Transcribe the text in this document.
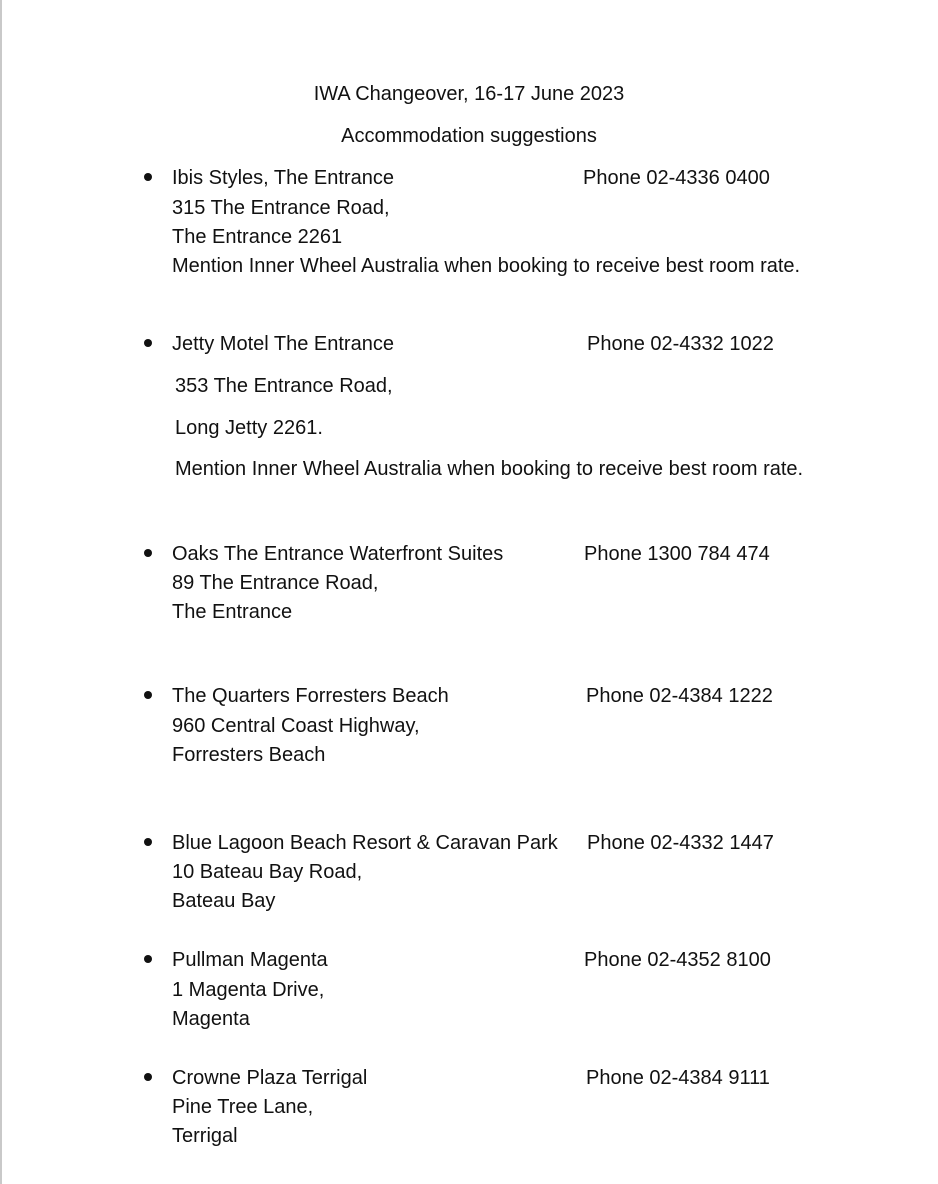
IWA Changeover, 16-17 June 2023
Accommodation suggestions
Ibis Styles, The Entrance	Phone 02-4336 0400
315 The Entrance Road,
The Entrance 2261
Mention Inner Wheel Australia when booking to receive best room rate.
Jetty Motel The Entrance	Phone 02-4332 1022
353 The Entrance Road,
Long Jetty 2261.
Mention Inner Wheel Australia when booking to receive best room rate.
Oaks The Entrance Waterfront Suites	Phone 1300 784 474
89 The Entrance Road,
The Entrance
The Quarters Forresters Beach	Phone 02-4384 1222
960 Central Coast Highway,
Forresters Beach
Blue Lagoon Beach Resort & Caravan Park Phone 02-4332 1447
10 Bateau Bay Road,
Bateau Bay
Pullman Magenta	Phone 02-4352 8100
1 Magenta Drive,
Magenta
Crowne Plaza Terrigal	Phone 02-4384 9111
Pine Tree Lane,
Terrigal
